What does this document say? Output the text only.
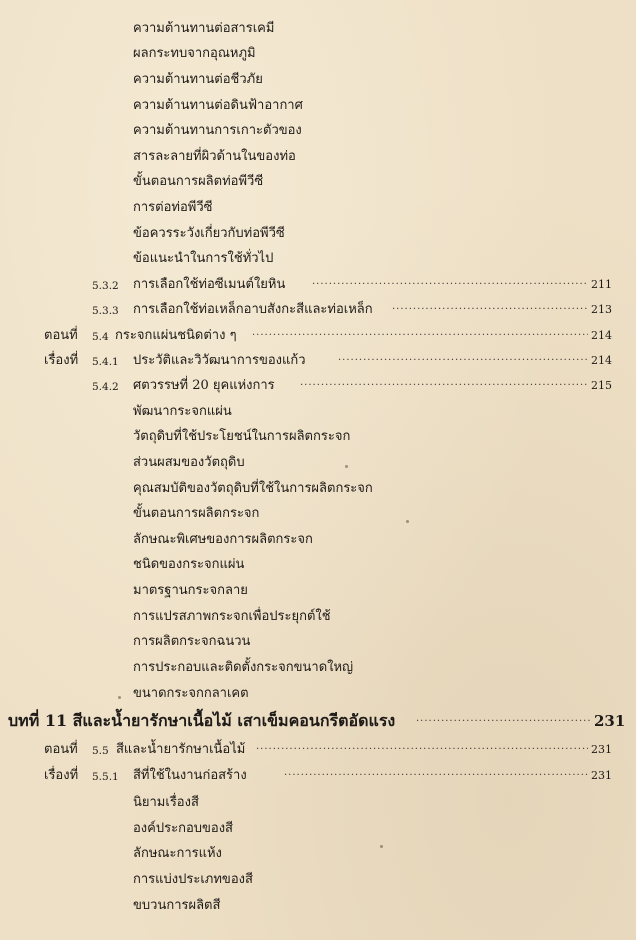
ความต้านทานต่อสารเคมี
ผลกระทบจากอุณหภูมิ
ความต้านทานต่อชีวภัย
ความต้านทานต่อดินฟ้าอากาศ
ความต้านทานการเกาะตัวของ
สารละลายที่ผิวด้านในของท่อ
ขั้นตอนการผลิตท่อพีวีซี
การต่อท่อพีวีซี
ข้อควรระวังเกี่ยวกับท่อพีวีซี
ข้อแนะนำในการใช้ทั่วไป
5.3.2 การเลือกใช้ท่อซีเมนต์ใยหิน .....	211
5.3.3 การเลือกใช้ท่อเหล็กอาบสังกะสีและท่อเหล็ก .....	213
ตอนที่ 5.4 กระจกแผ่นชนิดต่าง ๆ .....	214
เรื่องที่ 5.4.1 ประวัติและวิวัฒนาการของแก้ว .....	214
5.4.2 ศตวรรษที่ 20 ยุคแห่งการ .....	215
พัฒนากระจกแผ่น
วัตถุดิบที่ใช้ประโยชน์ในการผลิตกระจก
ส่วนผสมของวัตถุดิบ
คุณสมบัติของวัตถุดิบที่ใช้ในการผลิตกระจก
ขั้นตอนการผลิตกระจก
ลักษณะพิเศษของการผลิตกระจก
ชนิดของกระจกแผ่น
มาตรฐานกระจกลาย
การแปรสภาพกระจกเพื่อประยุกต์ใช้
การผลิตกระจกฉนวน
การประกอบและติดตั้งกระจกขนาดใหญ่
ขนาดกระจกกลาเคต
บทที่ 11 สีและน้ำยารักษาเนื้อไม้ เสาเข็มคอนกรีตอัดแรง .....	231
ตอนที่ 5.5 สีและน้ำยารักษาเนื้อไม้ .....	231
เรื่องที่ 5.5.1 สีที่ใช้ในงานก่อสร้าง .....	231
นิยามเรื่องสี
องค์ประกอบของสี
ลักษณะการแห้ง
การแบ่งประเภทของสี
ขบวนการผลิตสี
